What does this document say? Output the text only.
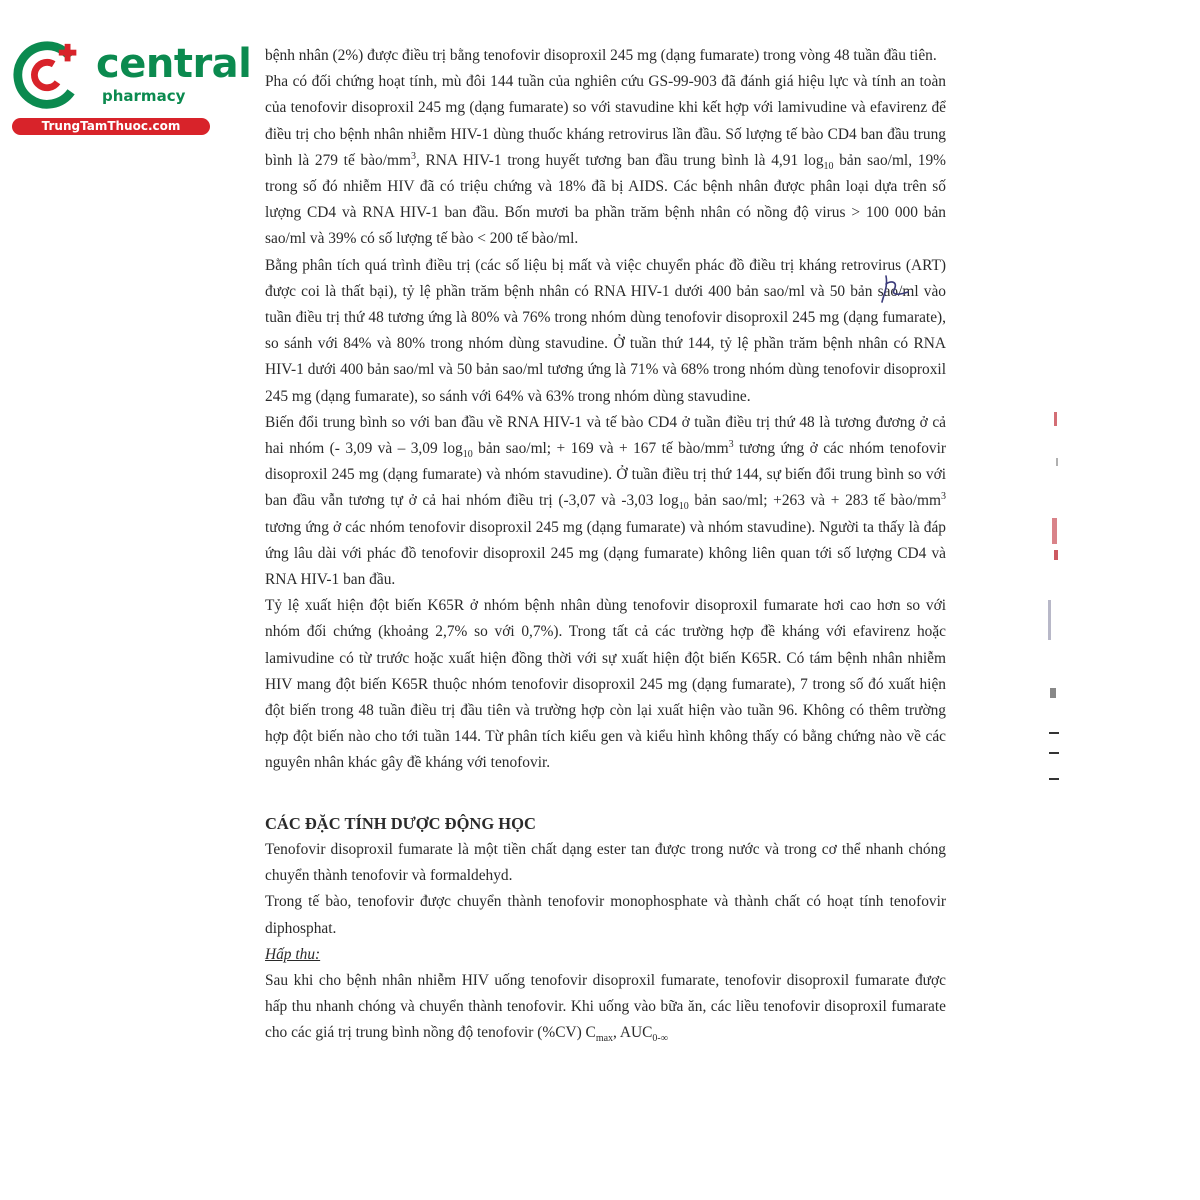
central
pharmacy
TrungTamThuoc.com

bệnh nhân (2%) được điều trị bằng tenofovir disoproxil 245 mg (dạng fumarate) trong vòng 48 tuần đầu tiên.

Pha có đối chứng hoạt tính, mù đôi 144 tuần của nghiên cứu GS-99-903 đã đánh giá hiệu lực và tính an toàn của tenofovir disoproxil 245 mg (dạng fumarate) so với stavudine khi kết hợp với lamivudine và efavirenz để điều trị cho bệnh nhân nhiễm HIV-1 dùng thuốc kháng retrovirus lần đầu. Số lượng tế bào CD4 ban đầu trung bình là 279 tế bào/$mm^3$, RNA HIV-1 trong huyết tương ban đầu trung bình là 4,91 $\log_{10}$ bản sao/ml, 19% trong số đó nhiễm HIV đã có triệu chứng và 18% đã bị AIDS. Các bệnh nhân được phân loại dựa trên số lượng CD4 và RNA HIV-1 ban đầu. Bốn mươi ba phần trăm bệnh nhân có nồng độ virus > 100 000 bản sao/ml và 39% có số lượng tế bào < 200 tế bào/ml.

Bằng phân tích quá trình điều trị (các số liệu bị mất và việc chuyển phác đồ điều trị kháng retrovirus (ART) được coi là thất bại), tỷ lệ phần trăm bệnh nhân có RNA HIV-1 dưới 400 bản sao/ml và 50 bản sao/ml vào tuần điều trị thứ 48 tương ứng là 80% và 76% trong nhóm dùng tenofovir disoproxil 245 mg (dạng fumarate), so sánh với 84% và 80% trong nhóm dùng stavudine. Ở tuần thứ 144, tỷ lệ phần trăm bệnh nhân có RNA HIV-1 dưới 400 bản sao/ml và 50 bản sao/ml tương ứng là 71% và 68% trong nhóm dùng tenofovir disoproxil 245 mg (dạng fumarate), so sánh với 64% và 63% trong nhóm dùng stavudine.

Biến đổi trung bình so với ban đầu về RNA HIV-1 và tế bào CD4 ở tuần điều trị thứ 48 là tương đương ở cả hai nhóm (- 3,09 và – 3,09 $\log_{10}$ bản sao/ml; + 169 và + 167 tế bào/$mm^3$ tương ứng ở các nhóm tenofovir disoproxil 245 mg (dạng fumarate) và nhóm stavudine). Ở tuần điều trị thứ 144, sự biến đổi trung bình so với ban đầu vẫn tương tự ở cả hai nhóm điều trị (-3,07 và -3,03 $\log_{10}$ bản sao/ml; +263 và + 283 tế bào/$mm^3$ tương ứng ở các nhóm tenofovir disoproxil 245 mg (dạng fumarate) và nhóm stavudine). Người ta thấy là đáp ứng lâu dài với phác đồ tenofovir disoproxil 245 mg (dạng fumarate) không liên quan tới số lượng CD4 và RNA HIV-1 ban đầu.

Tỷ lệ xuất hiện đột biến K65R ở nhóm bệnh nhân dùng tenofovir disoproxil fumarate hơi cao hơn so với nhóm đối chứng (khoảng 2,7% so với 0,7%). Trong tất cả các trường hợp đề kháng với efavirenz hoặc lamivudine có từ trước hoặc xuất hiện đồng thời với sự xuất hiện đột biến K65R. Có tám bệnh nhân nhiễm HIV mang đột biến K65R thuộc nhóm tenofovir disoproxil 245 mg (dạng fumarate), 7 trong số đó xuất hiện đột biến trong 48 tuần điều trị đầu tiên và trường hợp còn lại xuất hiện vào tuần 96. Không có thêm trường hợp đột biến nào cho tới tuần 144. Từ phân tích kiểu gen và kiểu hình không thấy có bằng chứng nào về các nguyên nhân khác gây đề kháng với tenofovir.

CÁC ĐẶC TÍNH DƯỢC ĐỘNG HỌC

Tenofovir disoproxil fumarate là một tiền chất dạng ester tan được trong nước và trong cơ thể nhanh chóng chuyển thành tenofovir và formaldehyd.

Trong tế bào, tenofovir được chuyển thành tenofovir monophosphate và thành chất có hoạt tính tenofovir diphosphat.

Hấp thu:

Sau khi cho bệnh nhân nhiễm HIV uống tenofovir disoproxil fumarate, tenofovir disoproxil fumarate được hấp thu nhanh chóng và chuyển thành tenofovir. Khi uống vào bữa ăn, các liều tenofovir disoproxil fumarate cho các giá trị trung bình nồng độ tenofovir (%CV) $C_{max}$, $AUC_{0-\infty}$
